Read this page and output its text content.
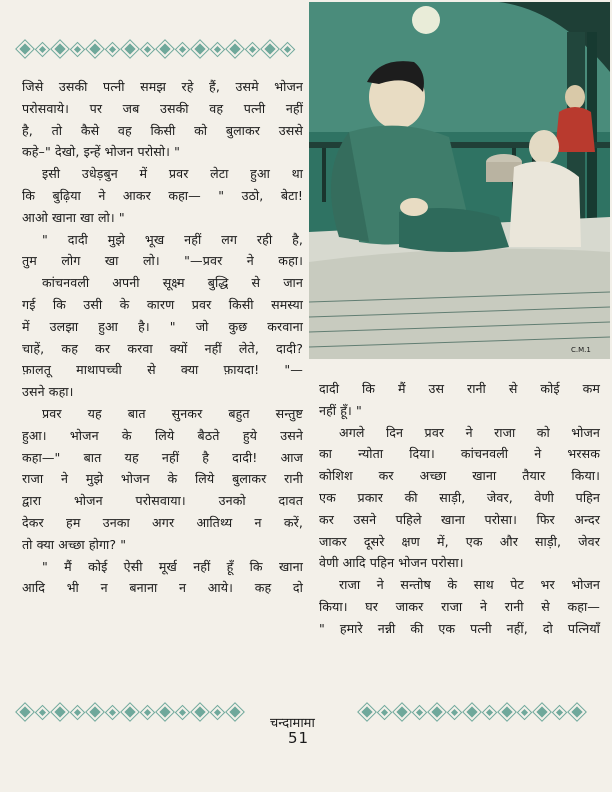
जिसे उसकी पत्नी समझ रहे हैं, उसमे भोजन

परोसवाये। पर जब उसकी वह पत्नी नहीं

है, तो कैसे वह किसी को बुलाकर उससे

कहे–" देखो, इन्हें भोजन परोसो। "

इसी उधेड़बुन में प्रवर लेटा हुआ था

कि बुढ़िया ने आकर कहा— " उठो, बेटा!

आओ खाना खा लो। "

" दादी मुझे भूख नहीं लग रही है,

तुम लोग खा लो। "—प्रवर ने कहा।

कांचनवली अपनी सूक्ष्म बुद्धि से जान

गई कि उसी के कारण प्रवर किसी समस्या

में उलझा हुआ है। " जो कुछ करवाना

चाहें, कह कर करवा क्यों नहीं लेते, दादी?

फ़ालतू माथापच्ची से क्या फ़ायदा! "—

उसने कहा।

प्रवर यह बात सुनकर बहुत सन्तुष्ट

हुआ। भोजन के लिये बैठते हुये उसने

कहा—" बात यह नहीं है दादी! आज

राजा ने मुझे भोजन के लिये बुलाकर रानी

द्वारा भोजन परोसवाया। उनको दावत

देकर हम उनका अगर आतिथ्य न करें,

तो क्या अच्छा होगा? "

" मैं कोई ऐसी मूर्ख नहीं हूँ कि खाना

आदि भी न बनाना न आये। कह दो

C.M.1

दादी कि मैं उस रानी से कोई कम

नहीं हूँ। "

अगले दिन प्रवर ने राजा को भोजन

का न्योता दिया। कांचनवली ने भरसक

कोशिश कर अच्छा खाना तैयार किया।

एक प्रकार की साड़ी, जेवर, वेणी पहिन

कर उसने पहिले खाना परोसा। फिर अन्दर

जाकर दूसरे क्षण में, एक और साड़ी, जेवर

वेणी आदि पहिन भोजन परोसा।

राजा ने सन्तोष के साथ पेट भर भोजन

किया। घर जाकर राजा ने रानी से कहा—

" हमारे नन्नी की एक पत्नी नहीं, दो पत्नियाँ

चन्दामामा
51
